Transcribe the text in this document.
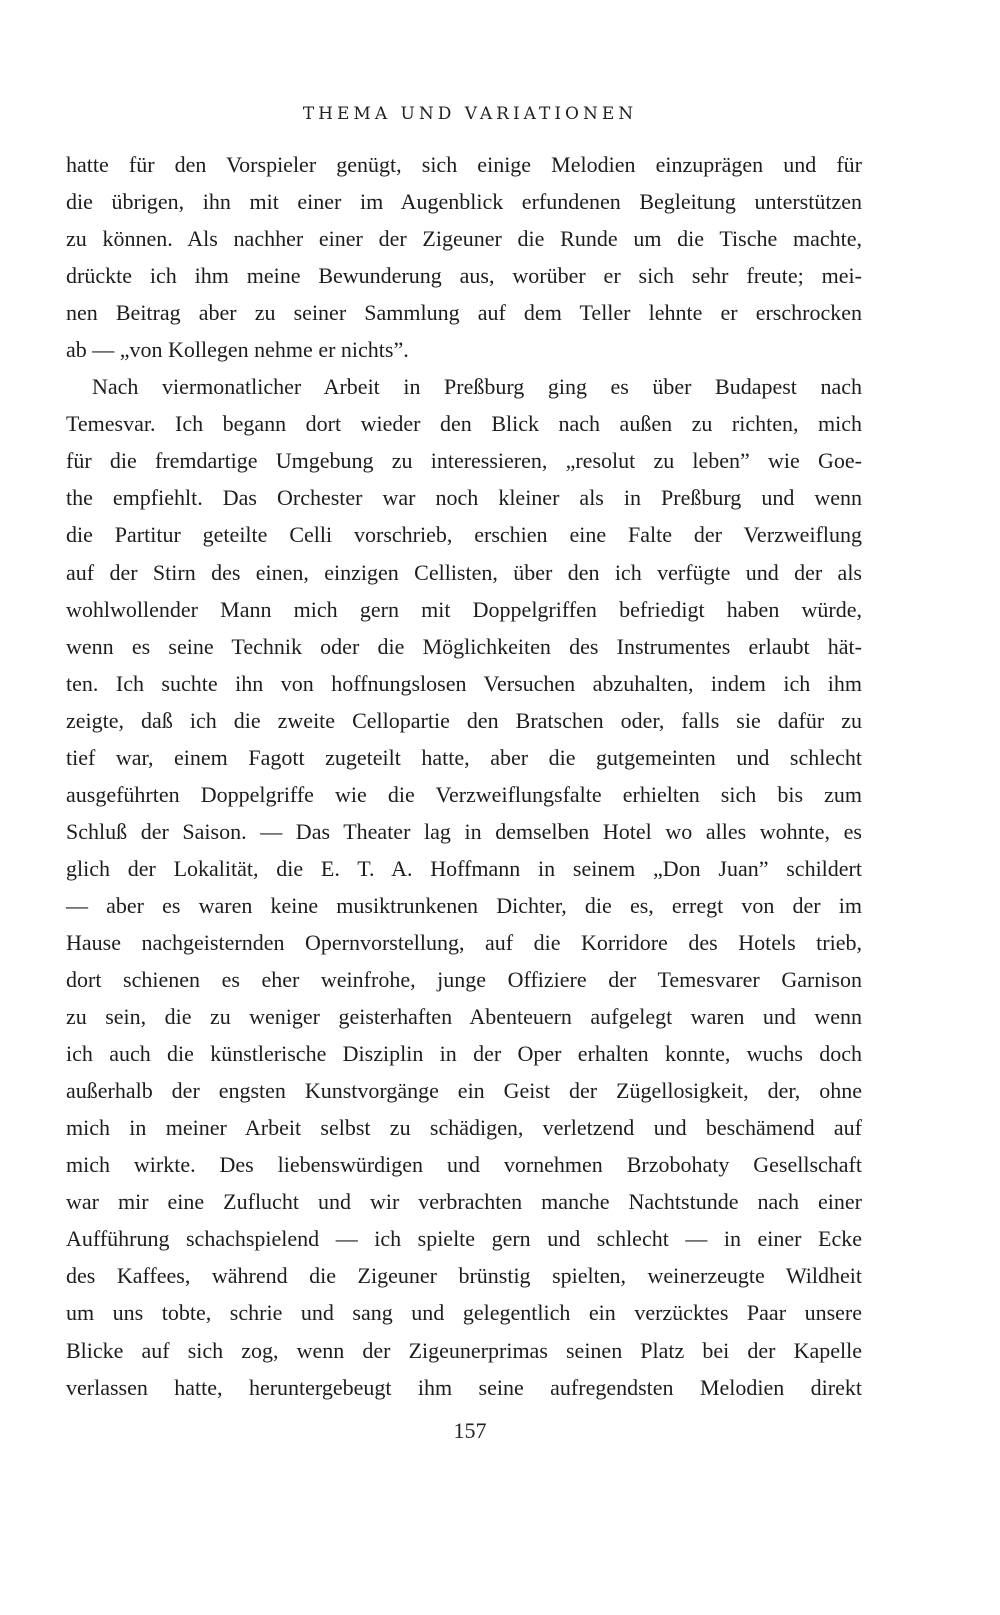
THEMA UND VARIATIONEN
hatte für den Vorspieler genügt, sich einige Melodien einzuprägen und für
die übrigen, ihn mit einer im Augenblick erfundenen Begleitung unterstützen
zu können. Als nachher einer der Zigeuner die Runde um die Tische machte,
drückte ich ihm meine Bewunderung aus, worüber er sich sehr freute; mei-
nen Beitrag aber zu seiner Sammlung auf dem Teller lehnte er erschrocken
ab — „von Kollegen nehme er nichts”.
Nach viermonatlicher Arbeit in Preßburg ging es über Budapest nach
Temesvar. Ich begann dort wieder den Blick nach außen zu richten, mich
für die fremdartige Umgebung zu interessieren, „resolut zu leben” wie Goe-
the empfiehlt. Das Orchester war noch kleiner als in Preßburg und wenn
die Partitur geteilte Celli vorschrieb, erschien eine Falte der Verzweiflung
auf der Stirn des einen, einzigen Cellisten, über den ich verfügte und der als
wohlwollender Mann mich gern mit Doppelgriffen befriedigt haben würde,
wenn es seine Technik oder die Möglichkeiten des Instrumentes erlaubt hät-
ten. Ich suchte ihn von hoffnungslosen Versuchen abzuhalten, indem ich ihm
zeigte, daß ich die zweite Cellopartie den Bratschen oder, falls sie dafür zu
tief war, einem Fagott zugeteilt hatte, aber die gutgemeinten und schlecht
ausgeführten Doppelgriffe wie die Verzweiflungsfalte erhielten sich bis zum
Schluß der Saison. — Das Theater lag in demselben Hotel wo alles wohnte, es
glich der Lokalität, die E. T. A. Hoffmann in seinem „Don Juan” schildert
— aber es waren keine musiktrunkenen Dichter, die es, erregt von der im
Hause nachgeisternden Opernvorstellung, auf die Korridore des Hotels trieb,
dort schienen es eher weinfrohe, junge Offiziere der Temesvarer Garnison
zu sein, die zu weniger geisterhaften Abenteuern aufgelegt waren und wenn
ich auch die künstlerische Disziplin in der Oper erhalten konnte, wuchs doch
außerhalb der engsten Kunstvorgänge ein Geist der Zügellosigkeit, der, ohne
mich in meiner Arbeit selbst zu schädigen, verletzend und beschämend auf
mich wirkte. Des liebenswürdigen und vornehmen Brzobohaty Gesellschaft
war mir eine Zuflucht und wir verbrachten manche Nachtstunde nach einer
Aufführung schachspielend — ich spielte gern und schlecht — in einer Ecke
des Kaffees, während die Zigeuner brünstig spielten, weinerzeugte Wildheit
um uns tobte, schrie und sang und gelegentlich ein verzücktes Paar unsere
Blicke auf sich zog, wenn der Zigeunerprimas seinen Platz bei der Kapelle
verlassen hatte, heruntergebeugt ihm seine aufregendsten Melodien direkt
157
